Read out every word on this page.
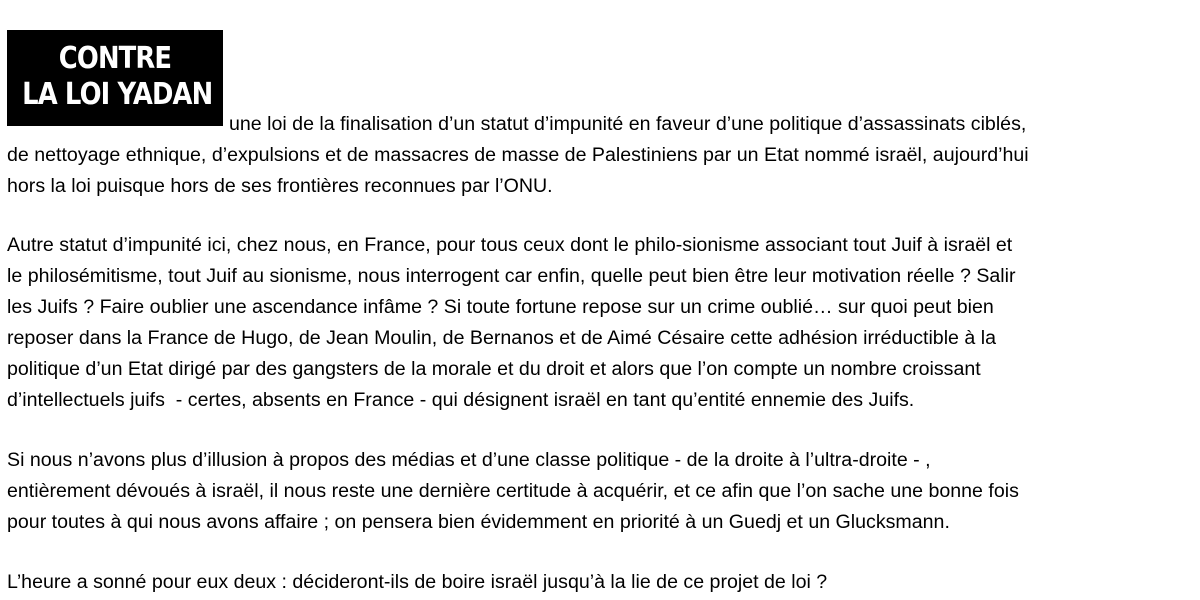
CONTRE
LA LOI YADAN
une loi de la finalisation d’un statut d’impunité en faveur d’une politique d’assassinats ciblés,
de nettoyage ethnique, d’expulsions et de massacres de masse de Palestiniens par un Etat nommé israël, aujourd’hui
hors la loi puisque hors de ses frontières reconnues par l’ONU.
Autre statut d’impunité ici, chez nous, en France, pour tous ceux dont le philo-sionisme associant tout Juif à israël et
le philosémitisme, tout Juif au sionisme, nous interrogent car enfin, quelle peut bien être leur motivation réelle ? Salir
les Juifs ? Faire oublier une ascendance infâme ? Si toute fortune repose sur un crime oublié… sur quoi peut bien
reposer dans la France de Hugo, de Jean Moulin, de Bernanos et de Aimé Césaire cette adhésion irréductible à la
politique d’un Etat dirigé par des gangsters de la morale et du droit et alors que l’on compte un nombre croissant
d’intellectuels juifs  - certes, absents en France - qui désignent israël en tant qu’entité ennemie des Juifs.
Si nous n’avons plus d’illusion à propos des médias et d’une classe politique - de la droite à l’ultra-droite - ,
entièrement dévoués à israël, il nous reste une dernière certitude à acquérir, et ce afin que l’on sache une bonne fois
pour toutes à qui nous avons affaire ; on pensera bien évidemment en priorité à un Guedj et un Glucksmann.
L’heure a sonné pour eux deux : décideront-ils de boire israël jusqu’à la lie de ce projet de loi ?
